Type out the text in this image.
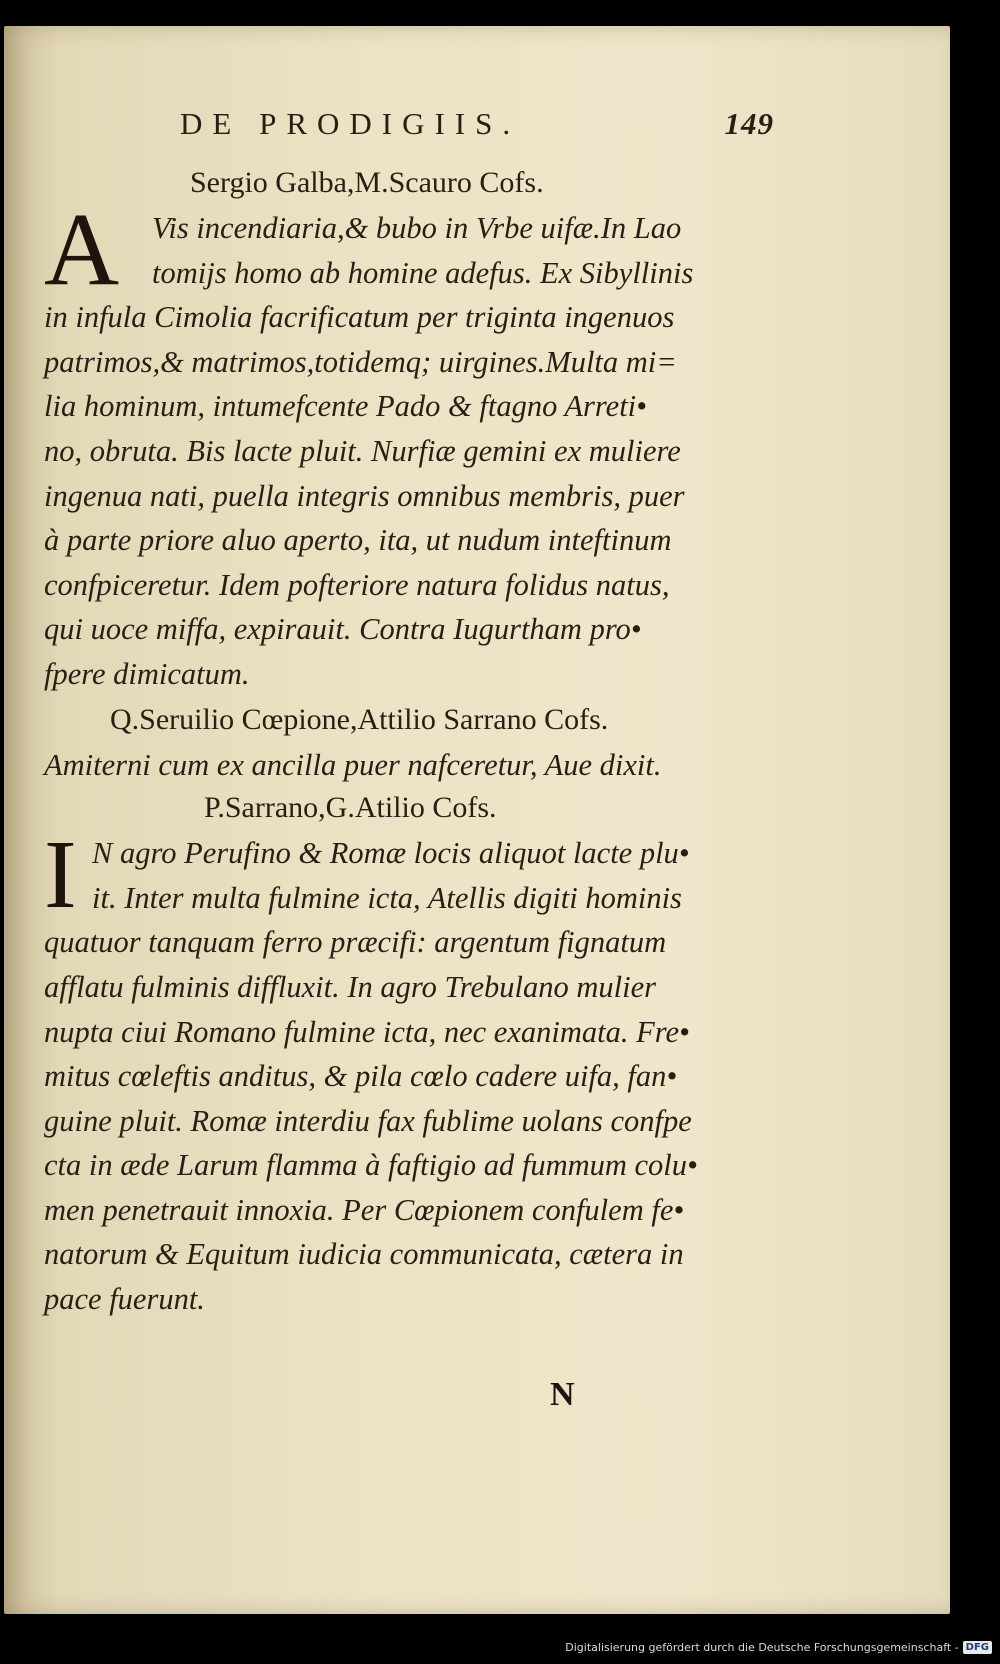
DE PRODIGIIS.	149
Sergio Galba,M.Scauro Cofs.
A	Vis incendiaria,& bubo in Vrbe uifæ.In Lao
tomijs homo ab homine adefus. Ex Sibyllinis
in infula Cimolia facrificatum per triginta ingenuos
patrimos,& matrimos,totidemq; uirgines.Multa mi=
lia hominum, intumefcente Pado & ftagno Arreti•
no, obruta. Bis lacte pluit. Nurfiæ gemini ex muliere
ingenua nati, puella integris omnibus membris, puer
à parte priore aluo aperto, ita, ut nudum inteftinum
confpiceretur. Idem pofteriore natura folidus natus,
qui uoce miffa, expirauit. Contra Iugurtham pro•
fpere dimicatum.
Q.Seruilio Cœpione,Attilio Sarrano Cofs.
Amiterni cum ex ancilla puer nafceretur, Aue dixit.
P.Sarrano,G.Atilio Cofs.
I N agro Perufino & Romæ locis aliquot lacte plu•
it. Inter multa fulmine icta, Atellis digiti hominis
quatuor tanquam ferro præcifi: argentum fignatum
afflatu fulminis diffluxit. In agro Trebulano mulier
nupta ciui Romano fulmine icta, nec exanimata. Fre•
mitus cœleftis anditus, & pila cœlo cadere uifa, fan•
guine pluit. Romæ interdiu fax fublime uolans confpe
cta in æde Larum flamma à faftigio ad fummum colu•
men penetrauit innoxia. Per Cœpionem confulem fe•
natorum & Equitum iudicia communicata, cætera in
pace fuerunt.
N
Digitalisierung gefördert durch die Deutsche Forschungsgemeinschaft - DFG
